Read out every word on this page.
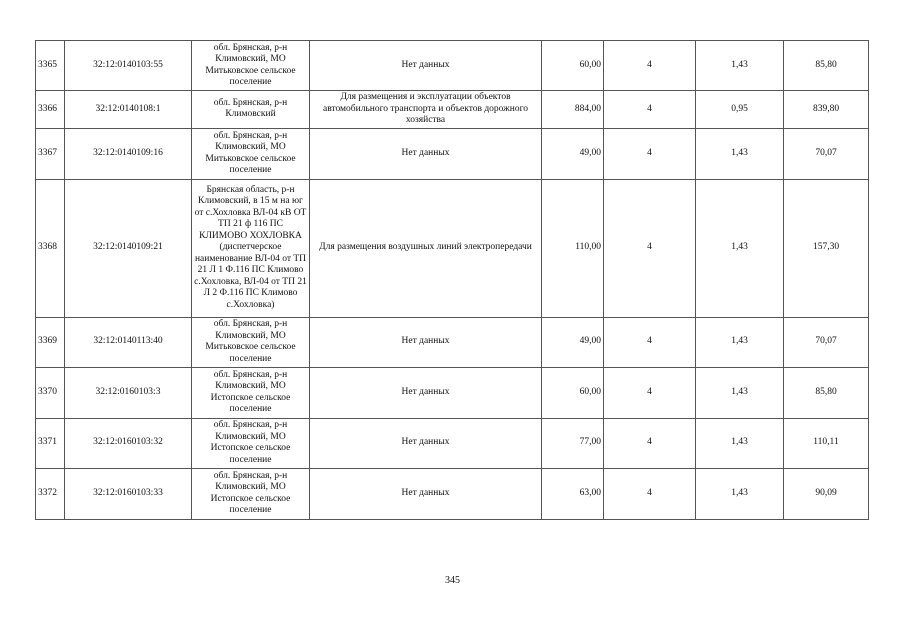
3365	32:12:0140103:55	обл. Брянская, р-н Климовский, МО Митьковское сельское поселение	Нет данных	60,00	4	1,43	85,80
3366	32:12:0140108:1	обл. Брянская, р-н Климовский	Для размещения и эксплуатации объектов автомобильного транспорта и объектов дорожного хозяйства	884,00	4	0,95	839,80
3367	32:12:0140109:16	обл. Брянская, р-н Климовский, МО Митьковское сельское поселение	Нет данных	49,00	4	1,43	70,07
3368	32:12:0140109:21	Брянская область, р-н Климовский, в 15 м на юг от с.Хохловка ВЛ-04 кВ ОТ ТП 21 ф 116 ПС КЛИМОВО ХОХЛОВКА (диспетчерское наименование ВЛ-04 от ТП 21 Л 1 Ф.116 ПС Климово с.Хохловка, ВЛ-04 от ТП 21 Л 2 Ф.116 ПС Климово с.Хохловка)	Для размещения воздушных линий электропередачи	110,00	4	1,43	157,30
3369	32:12:0140113:40	обл. Брянская, р-н Климовский, МО Митьковское сельское поселение	Нет данных	49,00	4	1,43	70,07
3370	32:12:0160103:3	обл. Брянская, р-н Климовский, МО Истопское сельское поселение	Нет данных	60,00	4	1,43	85,80
3371	32:12:0160103:32	обл. Брянская, р-н Климовский, МО Истопское сельское поселение	Нет данных	77,00	4	1,43	110,11
3372	32:12:0160103:33	обл. Брянская, р-н Климовский, МО Истопское сельское поселение	Нет данных	63,00	4	1,43	90,09
345
